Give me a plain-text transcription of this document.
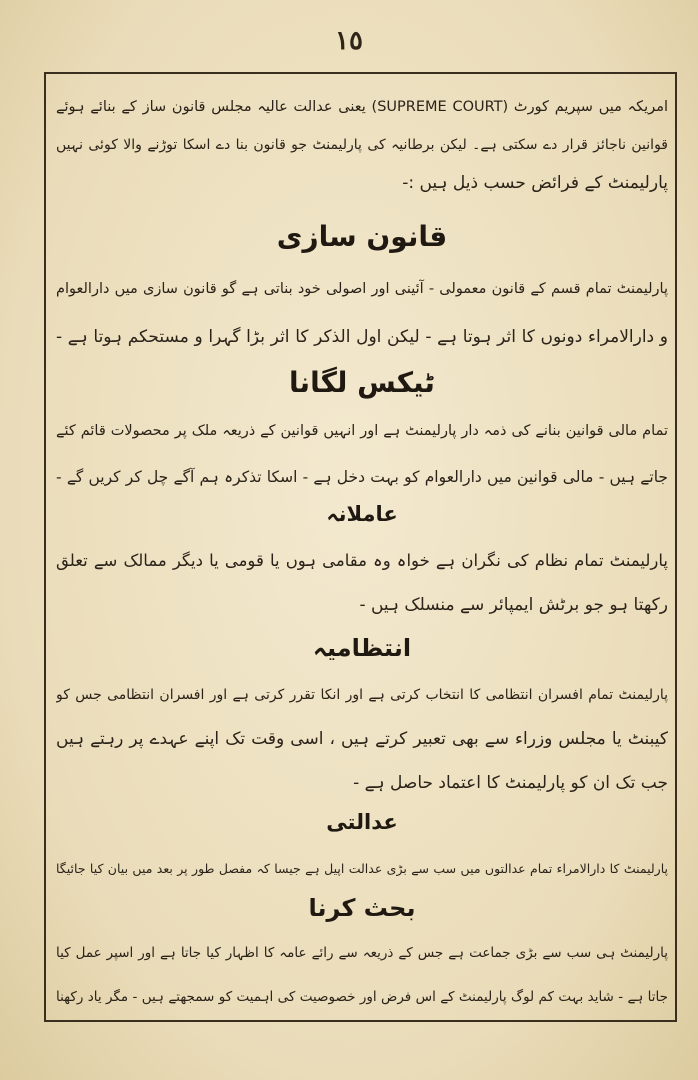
١٥
امریکہ میں سپریم کورٹ (SUPREME COURT) یعنی عدالت عالیہ مجلس قانون ساز کے بنائے ہوئے
قوانین ناجائز قرار دے سکتی ہے۔ لیکن برطانیہ کی پارلیمنٹ جو قانون بنا دے اسکا توڑنے والا کوئی نہیں
پارلیمنٹ کے فرائض حسب ذیل ہیں :-
قانون سازی
پارلیمنٹ تمام قسم کے قانون معمولی - آئینی اور اصولی خود بناتی ہے گو قانون سازی میں دارالعوام
و دارالامراء دونوں کا اثر ہوتا ہے - لیکن اول الذکر کا اثر بڑا گہرا و مستحکم ہوتا ہے -
ٹیکس لگانا
تمام مالی قوانین بنانے کی ذمہ دار پارلیمنٹ ہے اور انہیں قوانین کے ذریعہ ملک پر محصولات قائم کئے
جاتے ہیں - مالی قوانین میں دارالعوام کو بہت دخل ہے - اسکا تذکرہ ہم آگے چل کر کریں گے -
عاملانہ
پارلیمنٹ تمام نظام کی نگران ہے خواہ وہ مقامی ہوں یا قومی یا دیگر ممالک سے تعلق
رکھتا ہو جو برٹش ایمپائر سے منسلک ہیں -
انتظامیہ
پارلیمنٹ تمام افسران انتظامی کا انتخاب کرتی ہے اور انکا تقرر کرتی ہے اور افسران انتظامی جس کو
کیبنٹ یا مجلس وزراء سے بھی تعبیر کرتے ہیں ، اسی وقت تک اپنے عہدے پر رہتے ہیں
جب تک ان کو پارلیمنٹ کا اعتماد حاصل ہے -
عدالتی
پارلیمنٹ کا دارالامراء تمام عدالتوں میں سب سے بڑی عدالت اپیل ہے جیسا کہ مفصل طور پر بعد میں بیان کیا جائیگا
بحث کرنا
پارلیمنٹ ہی سب سے بڑی جماعت ہے جس کے ذریعہ سے رائے عامہ کا اظہار کیا جاتا ہے اور اسپر عمل کیا
جاتا ہے - شاید بہت کم لوگ پارلیمنٹ کے اس فرض اور خصوصیت کی اہمیت کو سمجھتے ہیں - مگر یاد رکھنا
